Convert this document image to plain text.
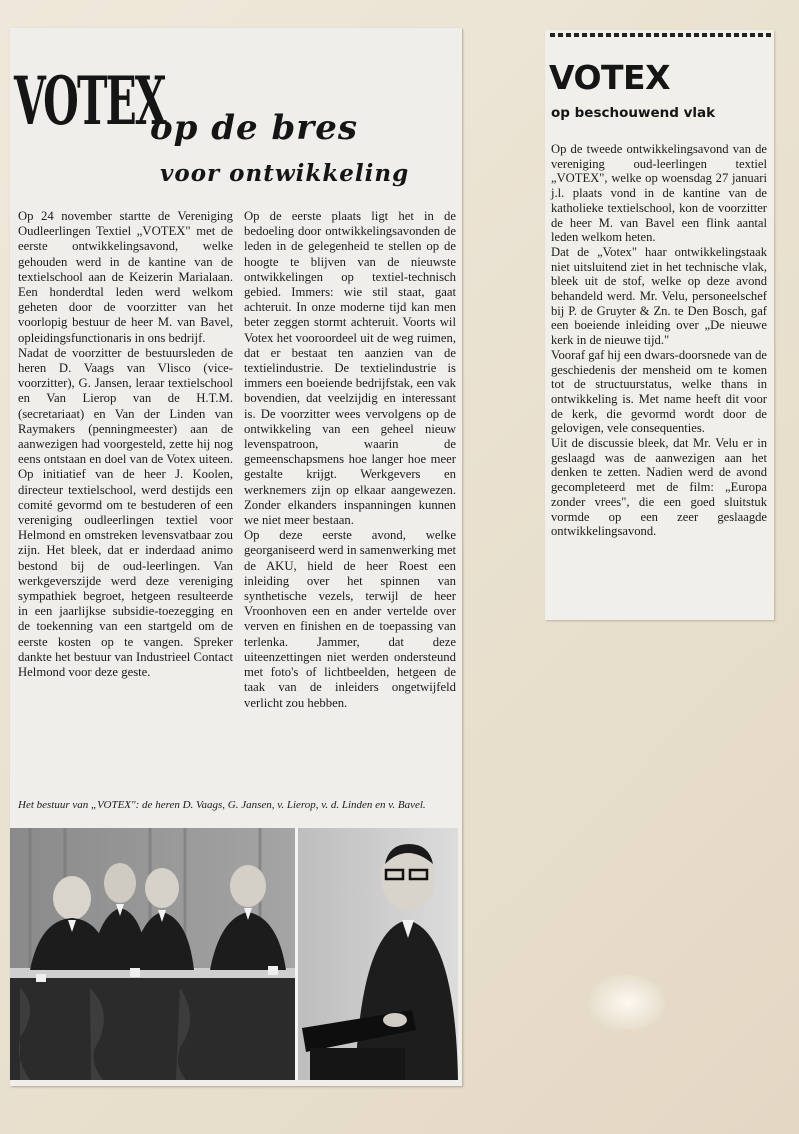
VOTEX
op de bres
voor ontwikkeling

Op 24 november startte de Vereniging Oudleerlingen Textiel „VOTEX" met de eerste ontwikkelingsavond, welke gehouden werd in de kantine van de textielschool aan de Keizerin Marialaan. Een honderdtal leden werd welkom geheten door de voorzitter van het voorlopig bestuur de heer M. van Bavel, opleidingsfunctionaris in ons bedrijf.

Nadat de voorzitter de bestuursleden de heren D. Vaags van Vlisco (vice-voorzitter), G. Jansen, leraar textielschool en Van Lierop van de H.T.M. (secretariaat) en Van der Linden van Raymakers (penningmeester) aan de aanwezigen had voorgesteld, zette hij nog eens ontstaan en doel van de Votex uiteen. Op initiatief van de heer J. Koolen, directeur textielschool, werd destijds een comité gevormd om te bestuderen of een vereniging oudleerlingen textiel voor Helmond en omstreken levensvatbaar zou zijn. Het bleek, dat er inderdaad animo bestond bij de oud-leerlingen. Van werkgeverszijde werd deze vereniging sympathiek begroet, hetgeen resulteerde in een jaarlijkse subsidie-toezegging en de toekenning van een startgeld om de eerste kosten op te vangen. Spreker dankte het bestuur van Industrieel Contact Helmond voor deze geste.

Op de eerste plaats ligt het in de bedoeling door ontwikkelingsavonden de leden in de gelegenheid te stellen op de hoogte te blijven van de nieuwste ontwikkelingen op textiel-technisch gebied. Immers: wie stil staat, gaat achteruit. In onze moderne tijd kan men beter zeggen stormt achteruit. Voorts wil Votex het vooroordeel uit de weg ruimen, dat er bestaat ten aanzien van de textielindustrie. De textielindustrie is immers een boeiende bedrijfstak, een vak bovendien, dat veelzijdig en interessant is. De voorzitter wees vervolgens op de ontwikkeling van een geheel nieuw levenspatroon, waarin de gemeenschapsmens hoe langer hoe meer gestalte krijgt. Werkgevers en werknemers zijn op elkaar aangewezen. Zonder elkanders inspanningen kunnen we niet meer bestaan.

Op deze eerste avond, welke georganiseerd werd in samenwerking met de AKU, hield de heer Roest een inleiding over het spinnen van synthetische vezels, terwijl de heer Vroonhoven een en ander vertelde over verven en finishen en de toepassing van terlenka. Jammer, dat deze uiteenzettingen niet werden ondersteund met foto's of lichtbeelden, hetgeen de taak van de inleiders ongetwijfeld verlicht zou hebben.

Het bestuur van „VOTEX": de heren D. Vaags, G. Jansen, v. Lierop, v. d. Linden en v. Bavel.

VOTEX
op beschouwend vlak

Op de tweede ontwikkelingsavond van de vereniging oud-leerlingen textiel „VOTEX", welke op woensdag 27 januari j.l. plaats vond in de kantine van de katholieke textielschool, kon de voorzitter de heer M. van Bavel een flink aantal leden welkom heten.

Dat de „Votex" haar ontwikkelingstaak niet uitsluitend ziet in het technische vlak, bleek uit de stof, welke op deze avond behandeld werd. Mr. Velu, personeelschef bij P. de Gruyter & Zn. te Den Bosch, gaf een boeiende inleiding over „De nieuwe kerk in de nieuwe tijd."

Vooraf gaf hij een dwars-doorsnede van de geschiedenis der mensheid om te komen tot de structuurstatus, welke thans in ontwikkeling is. Met name heeft dit voor de kerk, die gevormd wordt door de gelovigen, vele consequenties.

Uit de discussie bleek, dat Mr. Velu er in geslaagd was de aanwezigen aan het denken te zetten. Nadien werd de avond gecompleteerd met de film: „Europa zonder vrees", die een goed sluitstuk vormde op een zeer geslaagde ontwikkelingsavond.
